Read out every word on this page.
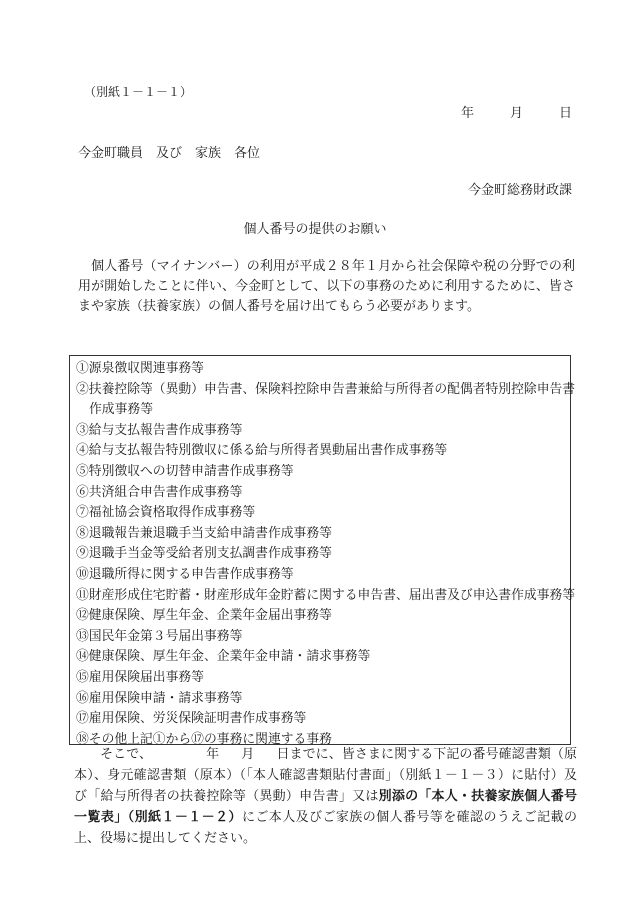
（別紙１－１－１）
年	月	日
今金町職員 及び 家族 各位
今金町総務財政課
個人番号の提供のお願い
個人番号（マイナンバー）の利用が平成２８年１月から社会保障や税の分野での利用が開始したことに伴い、今金町として、以下の事務のために利用するために、皆さまや家族（扶養家族）の個人番号を届け出てもらう必要があります。
①源泉徴収関連事務等
②扶養控除等（異動）申告書、保険料控除申告書兼給与所得者の配偶者特別控除申告書作成事務等
③給与支払報告書作成事務等
④給与支払報告特別徴収に係る給与所得者異動届出書作成事務等
⑤特別徴収への切替申請書作成事務等
⑥共済組合申告書作成事務等
⑦福祉協会資格取得作成事務等
⑧退職報告兼退職手当支給申請書作成事務等
⑨退職手当金等受給者別支払調書作成事務等
⑩退職所得に関する申告書作成事務等
⑪財産形成住宅貯蓄・財産形成年金貯蓄に関する申告書、届出書及び申込書作成事務等
⑫健康保険、厚生年金、企業年金届出事務等
⑬国民年金第３号届出事務等
⑭健康保険、厚生年金、企業年金申請・請求事務等
⑮雇用保険届出事務等
⑯雇用保険申請・請求事務等
⑰雇用保険、労災保険証明書作成事務等
⑱その他上記①から⑰の事務に関連する事務
そこで、	年 月 日までに、皆さまに関する下記の番号確認書類（原本）、身元確認書類（原本）（「本人確認書類貼付書面」（別紙１－１－３）に貼付）及び「給与所得者の扶養控除等（異動）申告書」又は別添の「本人・扶養家族個人番号一覧表」（別紙１－１－２）にご本人及びご家族の個人番号等を確認のうえご記載の上、役場に提出してください。
